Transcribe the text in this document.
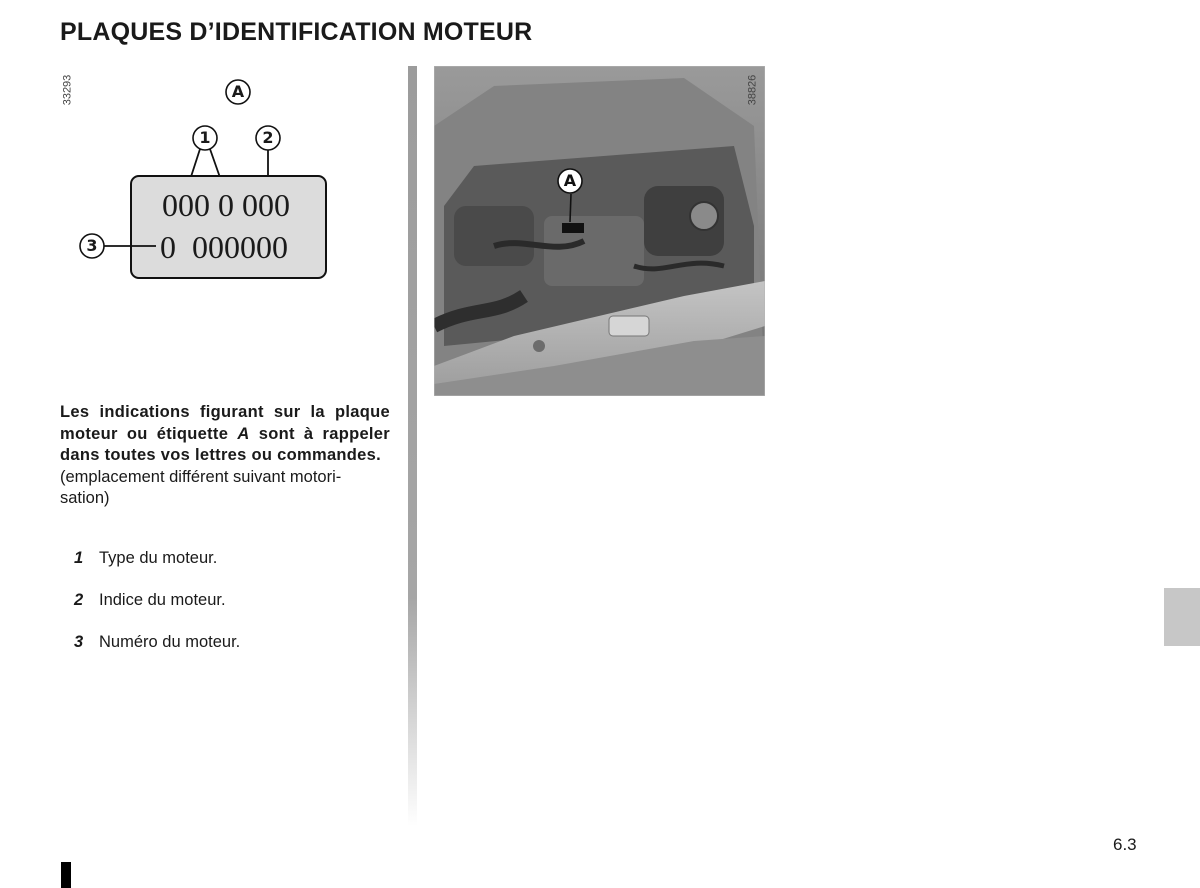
PLAQUES D’IDENTIFICATION MOTEUR
33293	A
1	2
3
000 0 000
0  000000
A
38826
Les indications figurant sur la plaque moteur ou étiquette A sont à rappeler dans toutes vos lettres ou commandes.
(emplacement différent suivant motori-sation)
1 Type du moteur.
2 Indice du moteur.
3 Numéro du moteur.
6.3
